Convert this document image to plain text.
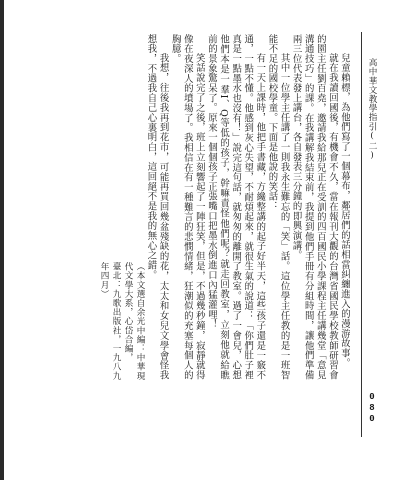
高中華文教學指引(二)
080

兒童賴標，為他們寫了一個幕布，鄰居們的話相當糾纏進入的漫游故事。

就在我讀回國後，有機會不久，當在報刊大觀的台灣省國民學校教師研習會的園主任劉百堯，邀請我給那兒正在受訓的四百國民小學課程主任講幾堂「意見溝通技巧」的課。在我講解我結束前，我提到他們手冊有分組時間，讓他們準備兩三位代表發上講台，各自發表三分鐘的即興演講。

其中一位學主任講了一則我永生難忘的「笑」話。這位學主任教的是一班智能不足的國校學童。下面是他說的笑話：

有一天上課時，他把手書藏，方纔整講的起子好半天，這些孩子還是一竅不通，一點不懂。他感到灰心失望，不耐煩起來，就很生氣的說道：「你們肚子裡真是一點墨水也沒有！」說完這句話，就匆匆的離開了教室。過了一會兒，心想他們本是一羣I、Q等低的孩子，幹嘛責怪他們呢？就走回教室，立刻他就給瞧前的景象驚呆了。原來一個個孩子正張嘴口把墨水倒進口內猛灌哩！

笑話說完了之後，班上立刻響起了一陣狂笑，但是，不過幾秒鐘，寂靜就得像在夜深人的墳場了。我相信在有一種難言的悲憫情緒，狂潮似的充塞每個人的胸臆。

我想，往後我再到花市，可能再買回幾盆殘缺的花，太太和女兒文學會怪我想我，不過我自己心裏明白，這回絕不是我的無心之錯。

（本文選自余光中編：中華現代文學大系，心岱合編，

臺北：九歌出版社，一九八九年四月）
